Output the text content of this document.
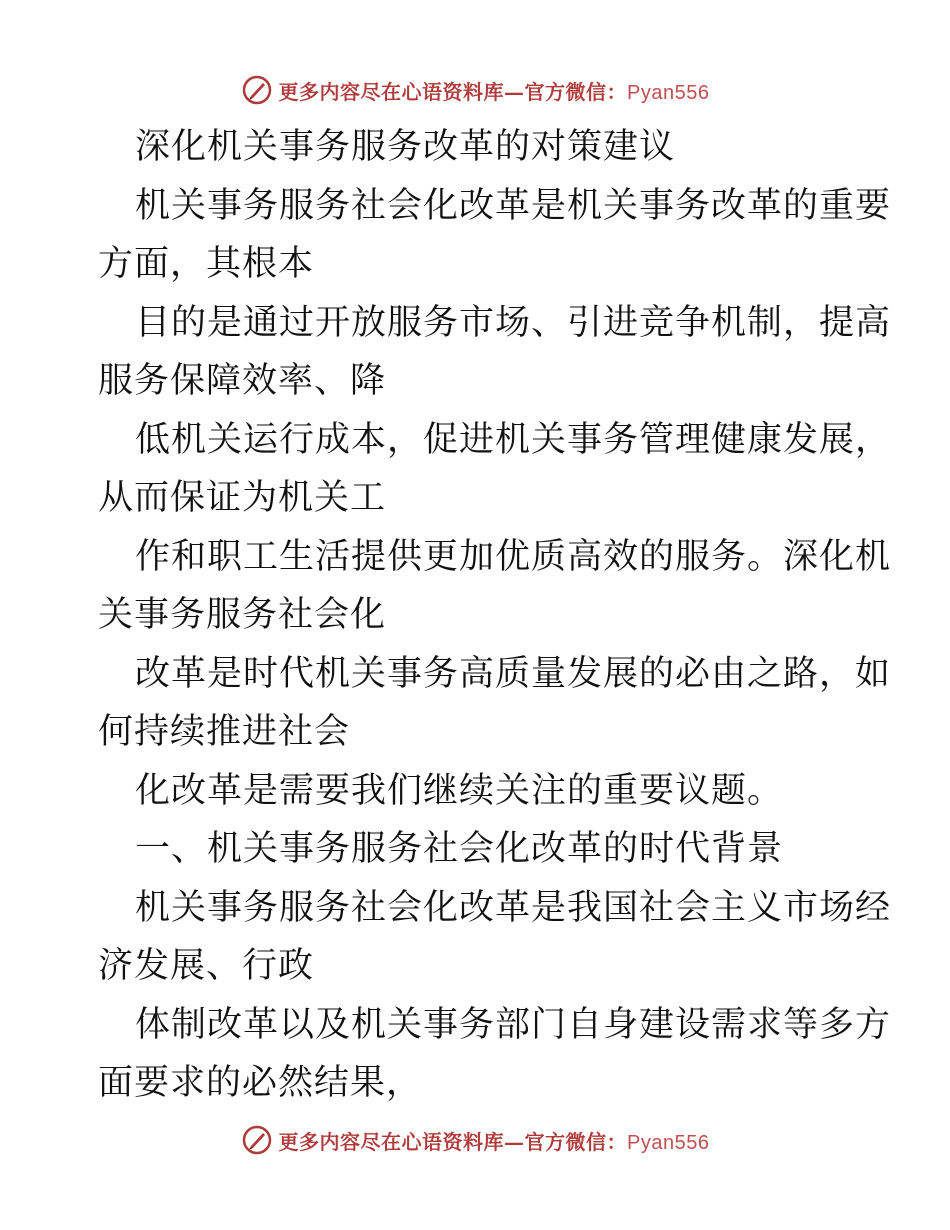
更多内容尽在心语资料库—官方微信：Pyan556
深化机关事务服务改革的对策建议
机关事务服务社会化改革是机关事务改革的重要
方面，其根本
目的是通过开放服务市场、引进竞争机制，提高
服务保障效率、降
低机关运行成本，促进机关事务管理健康发展，
从而保证为机关工
作和职工生活提供更加优质高效的服务。深化机
关事务服务社会化
改革是时代机关事务高质量发展的必由之路，如
何持续推进社会
化改革是需要我们继续关注的重要议题。
一、机关事务服务社会化改革的时代背景
机关事务服务社会化改革是我国社会主义市场经
济发展、行政
体制改革以及机关事务部门自身建设需求等多方
面要求的必然结果，
更多内容尽在心语资料库—官方微信：Pyan556
